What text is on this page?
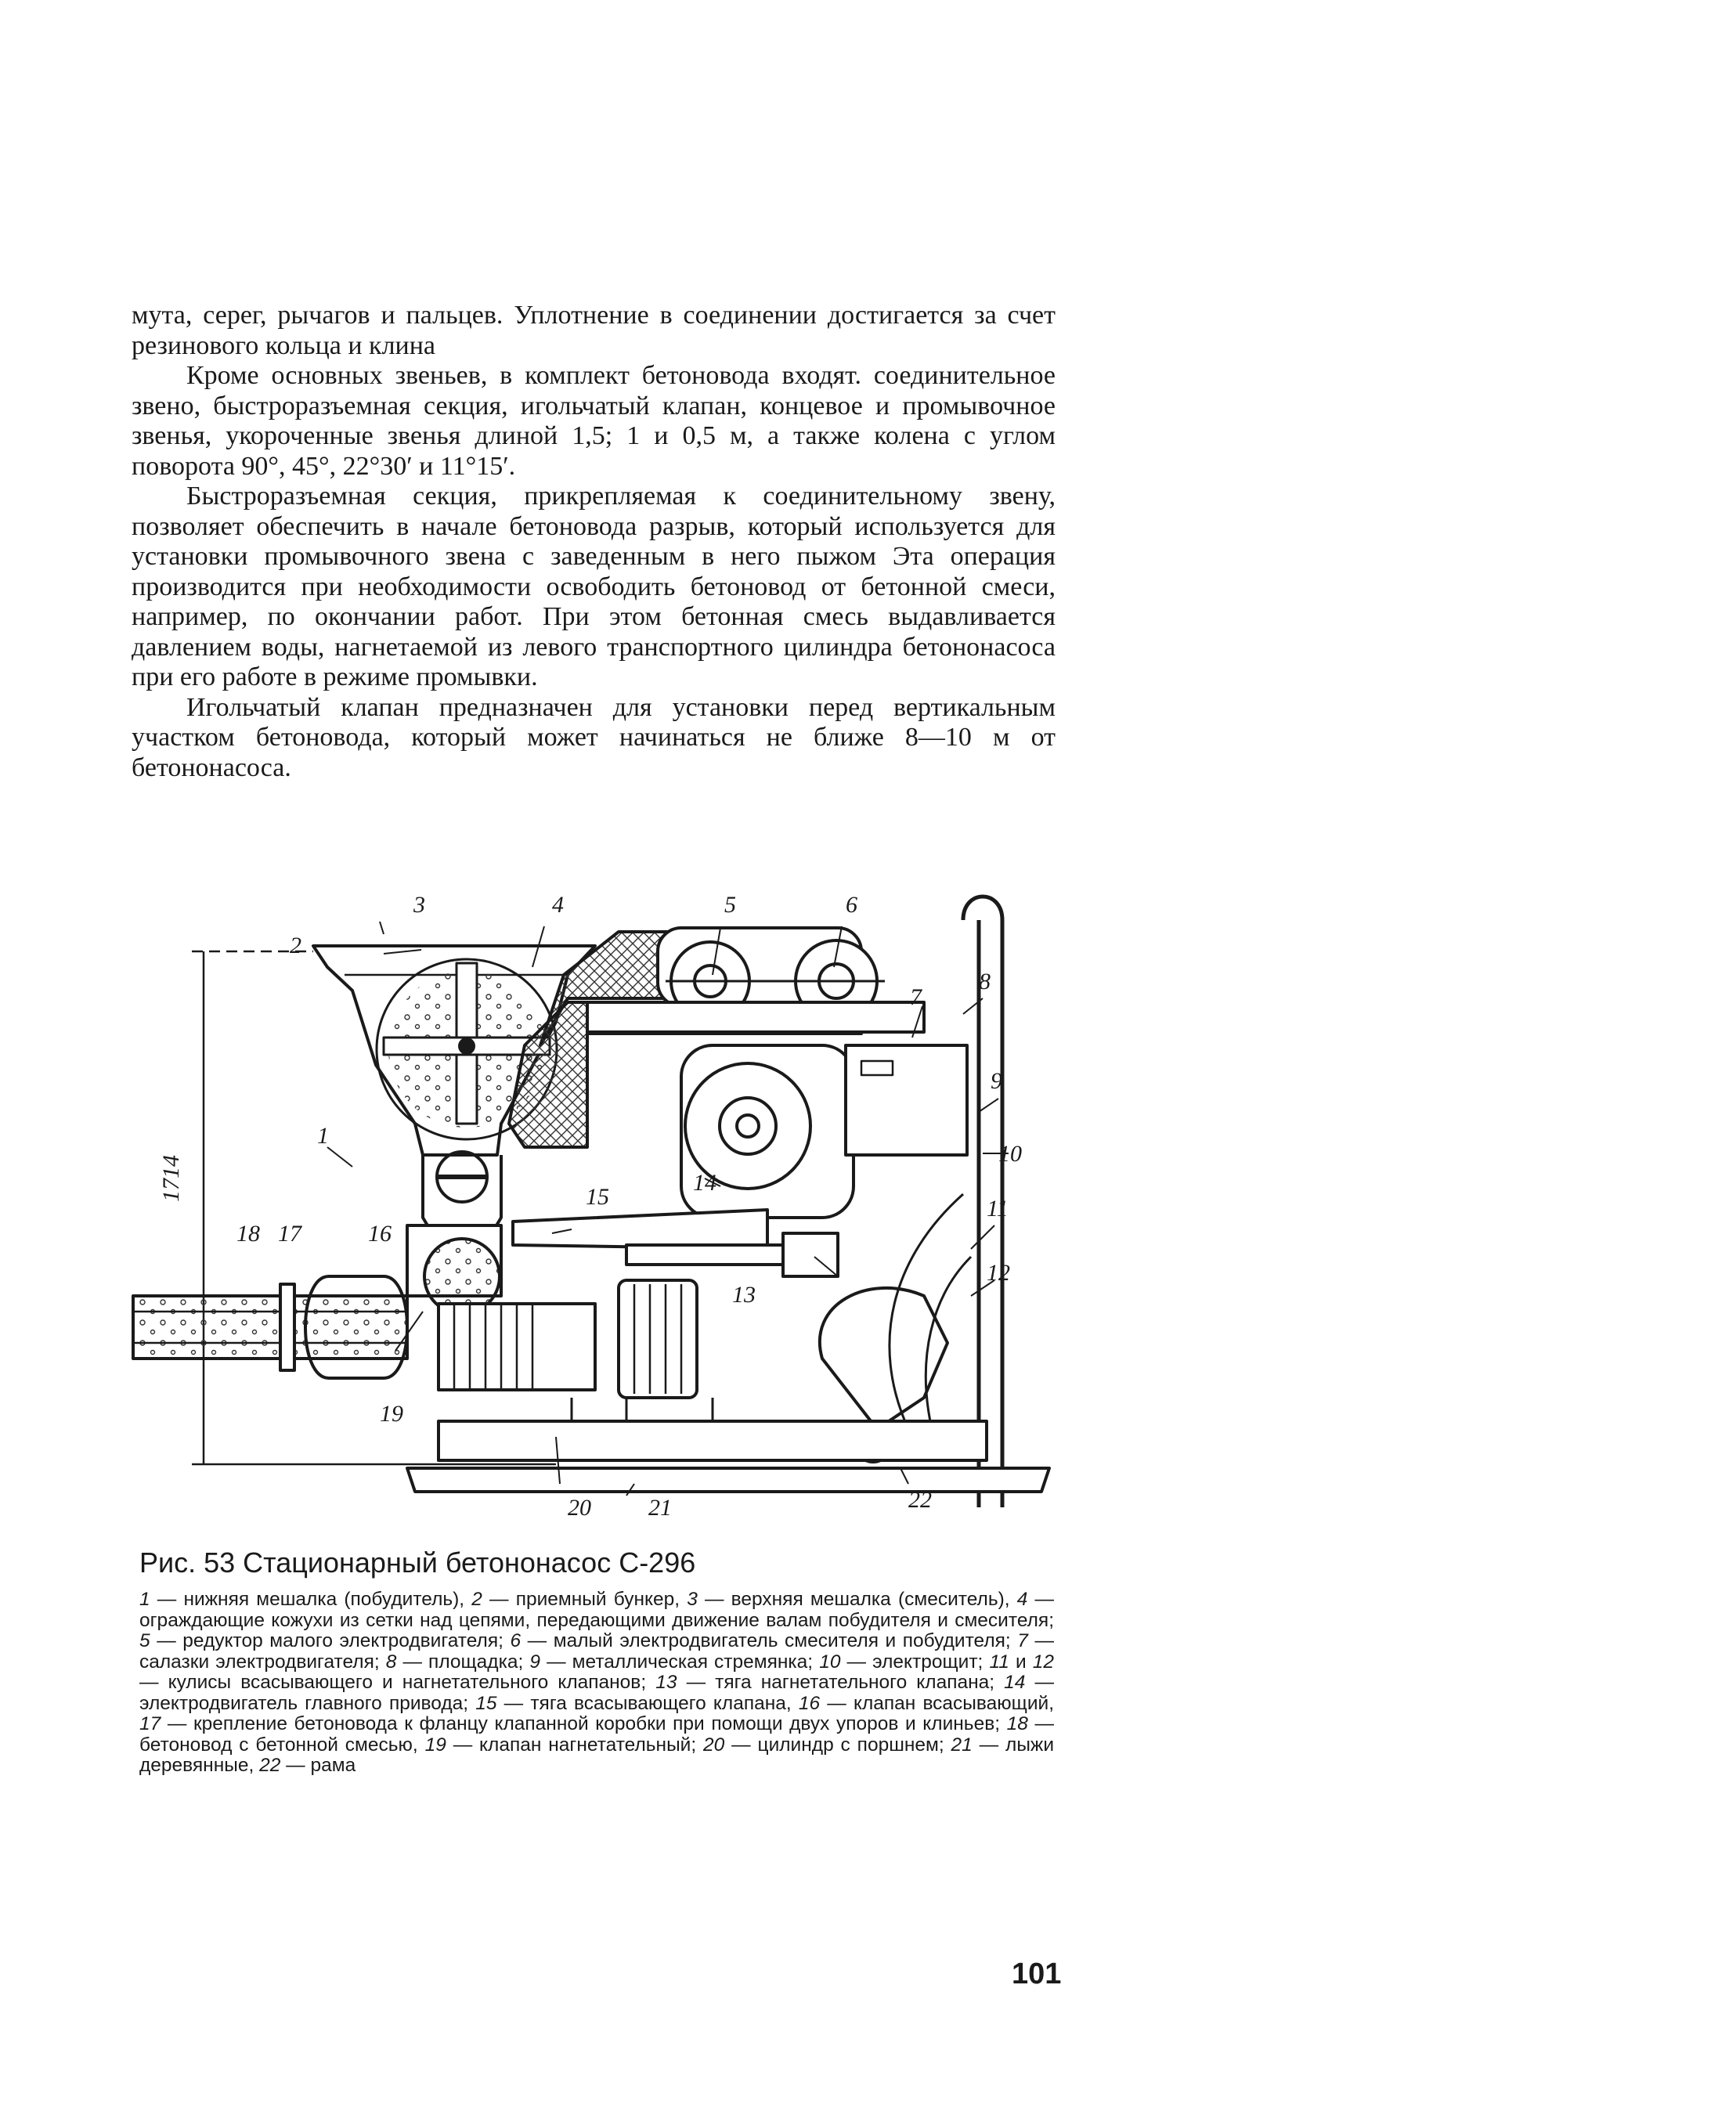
мута, серег, рычагов и пальцев. Уплотнение в соединении достигается за счет резинового кольца и клина

Кроме основных звеньев, в комплект бетоновода входят. соединительное звено, быстроразъемная секция, игольчатый клапан, концевое и промывочное звенья, укороченные звенья длиной 1,5; 1 и 0,5 м, а также колена с углом поворота 90°, 45°, 22°30′ и 11°15′.

Быстроразъемная секция, прикрепляемая к соединительному звену, позволяет обеспечить в начале бетоновода разрыв, который используется для установки промывочного звена с заведенным в него пыжом Эта операция производится при необходимости освободить бетоновод от бетонной смеси, например, по окончании работ. При этом бетонная смесь выдавливается давлением воды, нагнетаемой из левого транспортного цилиндра бетононасоса при его работе в режиме промывки.

Игольчатый клапан предназначен для установки перед вертикальным участком бетоновода, который может начинаться не ближе 8—10 м от бетононасоса.

1714
3
2
4	5	6
7
8
9
10
11
12
13
14
15
16
17
18
1
19
20 21	22
Рис. 53 Стационарный бетононасос С-296
1 — нижняя мешалка (побудитель), 2 — приемный бункер, 3 — верхняя мешалка (смеситель), 4 — ограждающие кожухи из сетки над цепями, передающими движение валам побудителя и смесителя; 5 — редуктор малого электродвигателя; 6 — малый электродвигатель смесителя и побудителя; 7 — салазки электродвигателя; 8 — площадка; 9 — металлическая стремянка; 10 — электрощит; 11 и 12 — кулисы всасывающего и нагнетательного клапанов; 13 — тяга нагнетательного клапана; 14 — электродвигатель главного привода; 15 — тяга всасывающего клапана, 16 — клапан всасывающий, 17 — крепление бетоновода к фланцу клапанной коробки при помощи двух упоров и клиньев; 18 — бетоновод с бетонной смесью, 19 — клапан нагнетательный; 20 — цилиндр с поршнем; 21 — лыжи деревянные, 22 — рама
101
